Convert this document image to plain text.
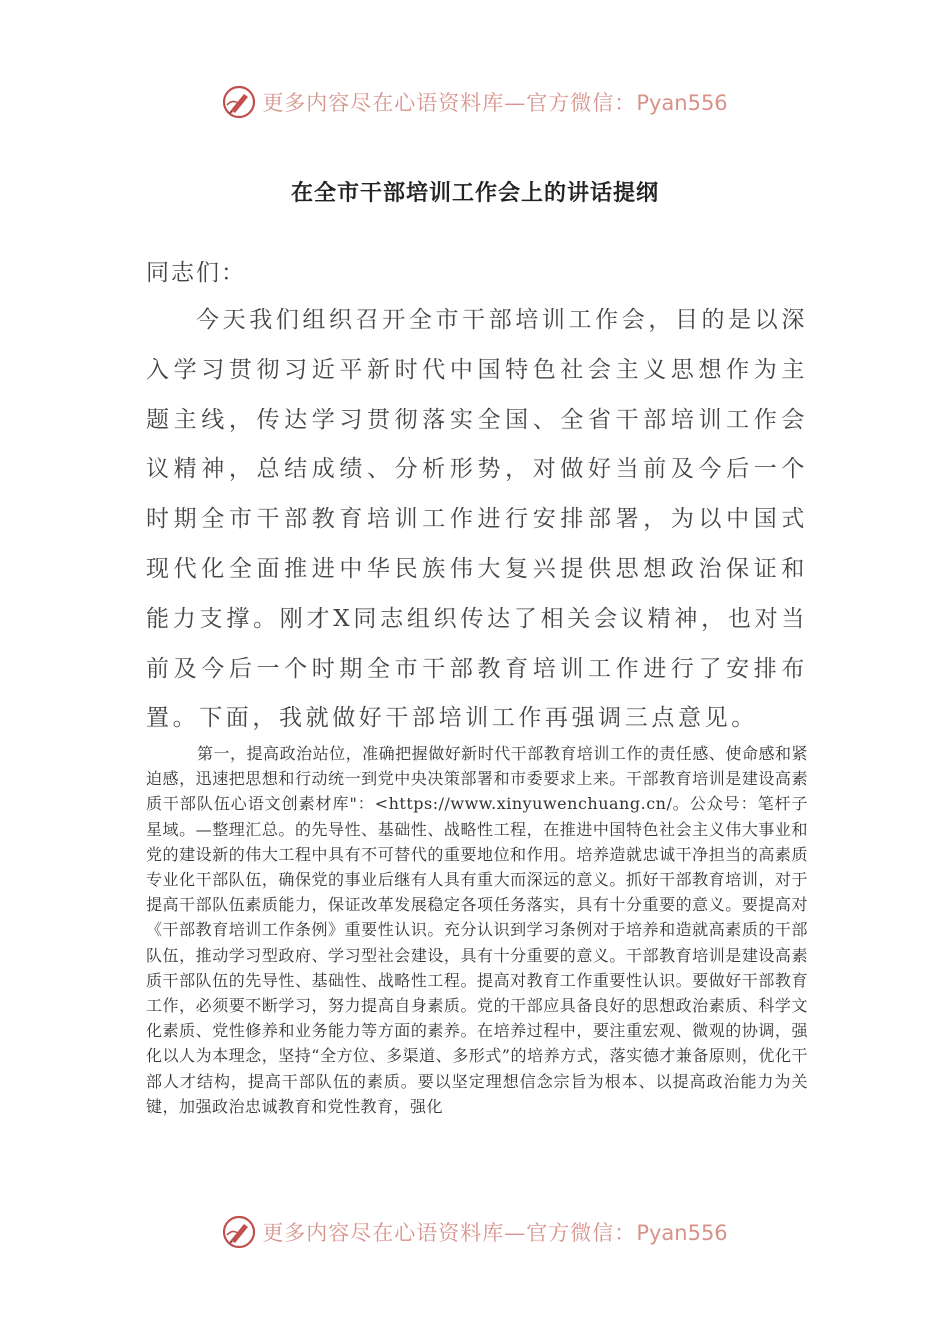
更多内容尽在心语资料库—官方微信：Pyan556
在全市干部培训工作会上的讲话提纲
同志们：

今天我们组织召开全市干部培训工作会，目的是以深入学习贯彻习近平新时代中国特色社会主义思想作为主题主线，传达学习贯彻落实全国、全省干部培训工作会议精神，总结成绩、分析形势，对做好当前及今后一个时期全市干部教育培训工作进行安排部署，为以中国式现代化全面推进中华民族伟大复兴提供思想政治保证和能力支撑。刚才X同志组织传达了相关会议精神，也对当前及今后一个时期全市干部教育培训工作进行了安排布置。下面，我就做好干部培训工作再强调三点意见。

第一，提高政治站位，准确把握做好新时代干部教育培训工作的责任感、使命感和紧迫感，迅速把思想和行动统一到党中央决策部署和市委要求上来。干部教育培训是建设高素质干部队伍心语文创素材库"：<https://www.xinyuwenchuang.cn/。公众号：笔杆子星域。—整理汇总。的先导性、基础性、战略性工程，在推进中国特色社会主义伟大事业和党的建设新的伟大工程中具有不可替代的重要地位和作用。培养造就忠诚干净担当的高素质专业化干部队伍，确保党的事业后继有人具有重大而深远的意义。抓好干部教育培训，对于提高干部队伍素质能力，保证改革发展稳定各项任务落实，具有十分重要的意义。要提高对《干部教育培训工作条例》重要性认识。充分认识到学习条例对于培养和造就高素质的干部队伍，推动学习型政府、学习型社会建设，具有十分重要的意义。干部教育培训是建设高素质干部队伍的先导性、基础性、战略性工程。提高对教育工作重要性认识。要做好干部教育工作，必须要不断学习，努力提高自身素质。党的干部应具备良好的思想政治素质、科学文化素质、党性修养和业务能力等方面的素养。在培养过程中，要注重宏观、微观的协调，强化以人为本理念，坚持“全方位、多渠道、多形式”的培养方式，落实德才兼备原则，优化干部人才结构，提高干部队伍的素质。要以坚定理想信念宗旨为根本、以提高政治能力为关键，加强政治忠诚教育和党性教育，强化

更多内容尽在心语资料库—官方微信：Pyan556
